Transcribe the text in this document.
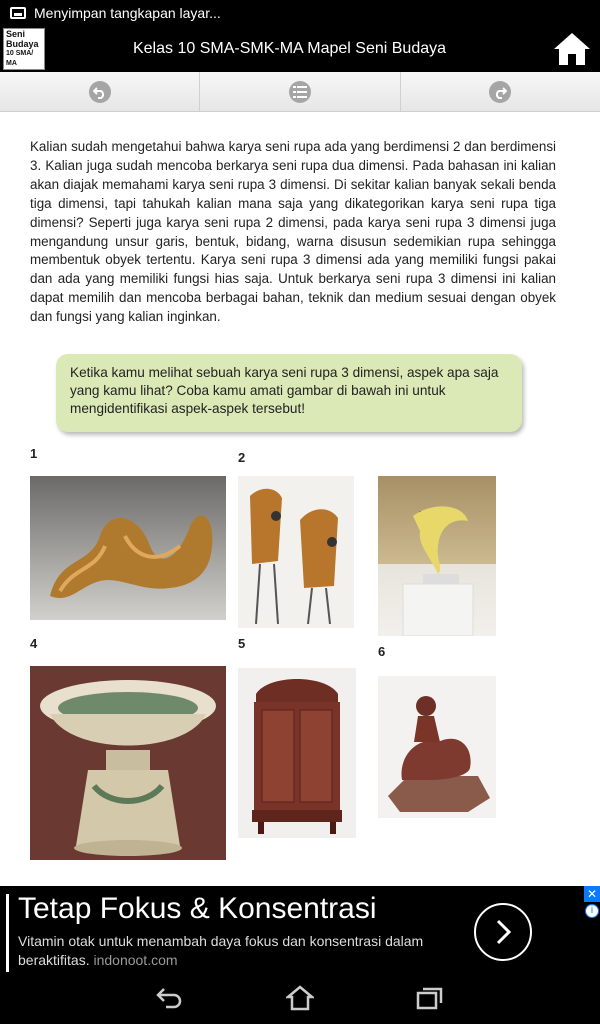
Menyimpan tangkapan layar...
Seni
Budaya
10 SMA/ MA
Kelas 10 SMA-SMK-MA Mapel Seni Budaya

Kalian sudah mengetahui bahwa karya seni rupa ada yang berdimensi 2 dan berdimensi 3. Kalian juga sudah mencoba berkarya seni rupa dua dimensi. Pada bahasan ini kalian akan diajak memahami karya seni rupa 3 dimensi. Di sekitar kalian banyak sekali benda tiga dimensi, tapi tahukah kalian mana saja yang dikategorikan karya seni rupa tiga dimensi? Seperti juga karya seni rupa 2 dimensi, pada karya seni rupa 3 dimensi juga mengandung unsur garis, bentuk, bidang, warna disusun sedemikian rupa sehingga membentuk obyek tertentu. Karya seni rupa 3 dimensi ada yang memiliki fungsi pakai dan ada yang memiliki fungsi hias saja. Untuk berkarya seni rupa 3 dimensi ini kalian dapat memilih dan mencoba berbagai bahan, teknik dan medium sesuai dengan obyek dan fungsi yang kalian inginkan.

Ketika kamu melihat sebuah karya seni rupa 3 dimensi, aspek apa saja yang kamu lihat? Coba kamu amati gambar di bawah ini untuk mengidentifikasi aspek-aspek tersebut!
1	2
4	5
6
Tetap Fokus & Konsentrasi
Vitamin otak untuk menambah daya fokus dan konsentrasi dalam beraktifitas. indonoot.com
✕
i
